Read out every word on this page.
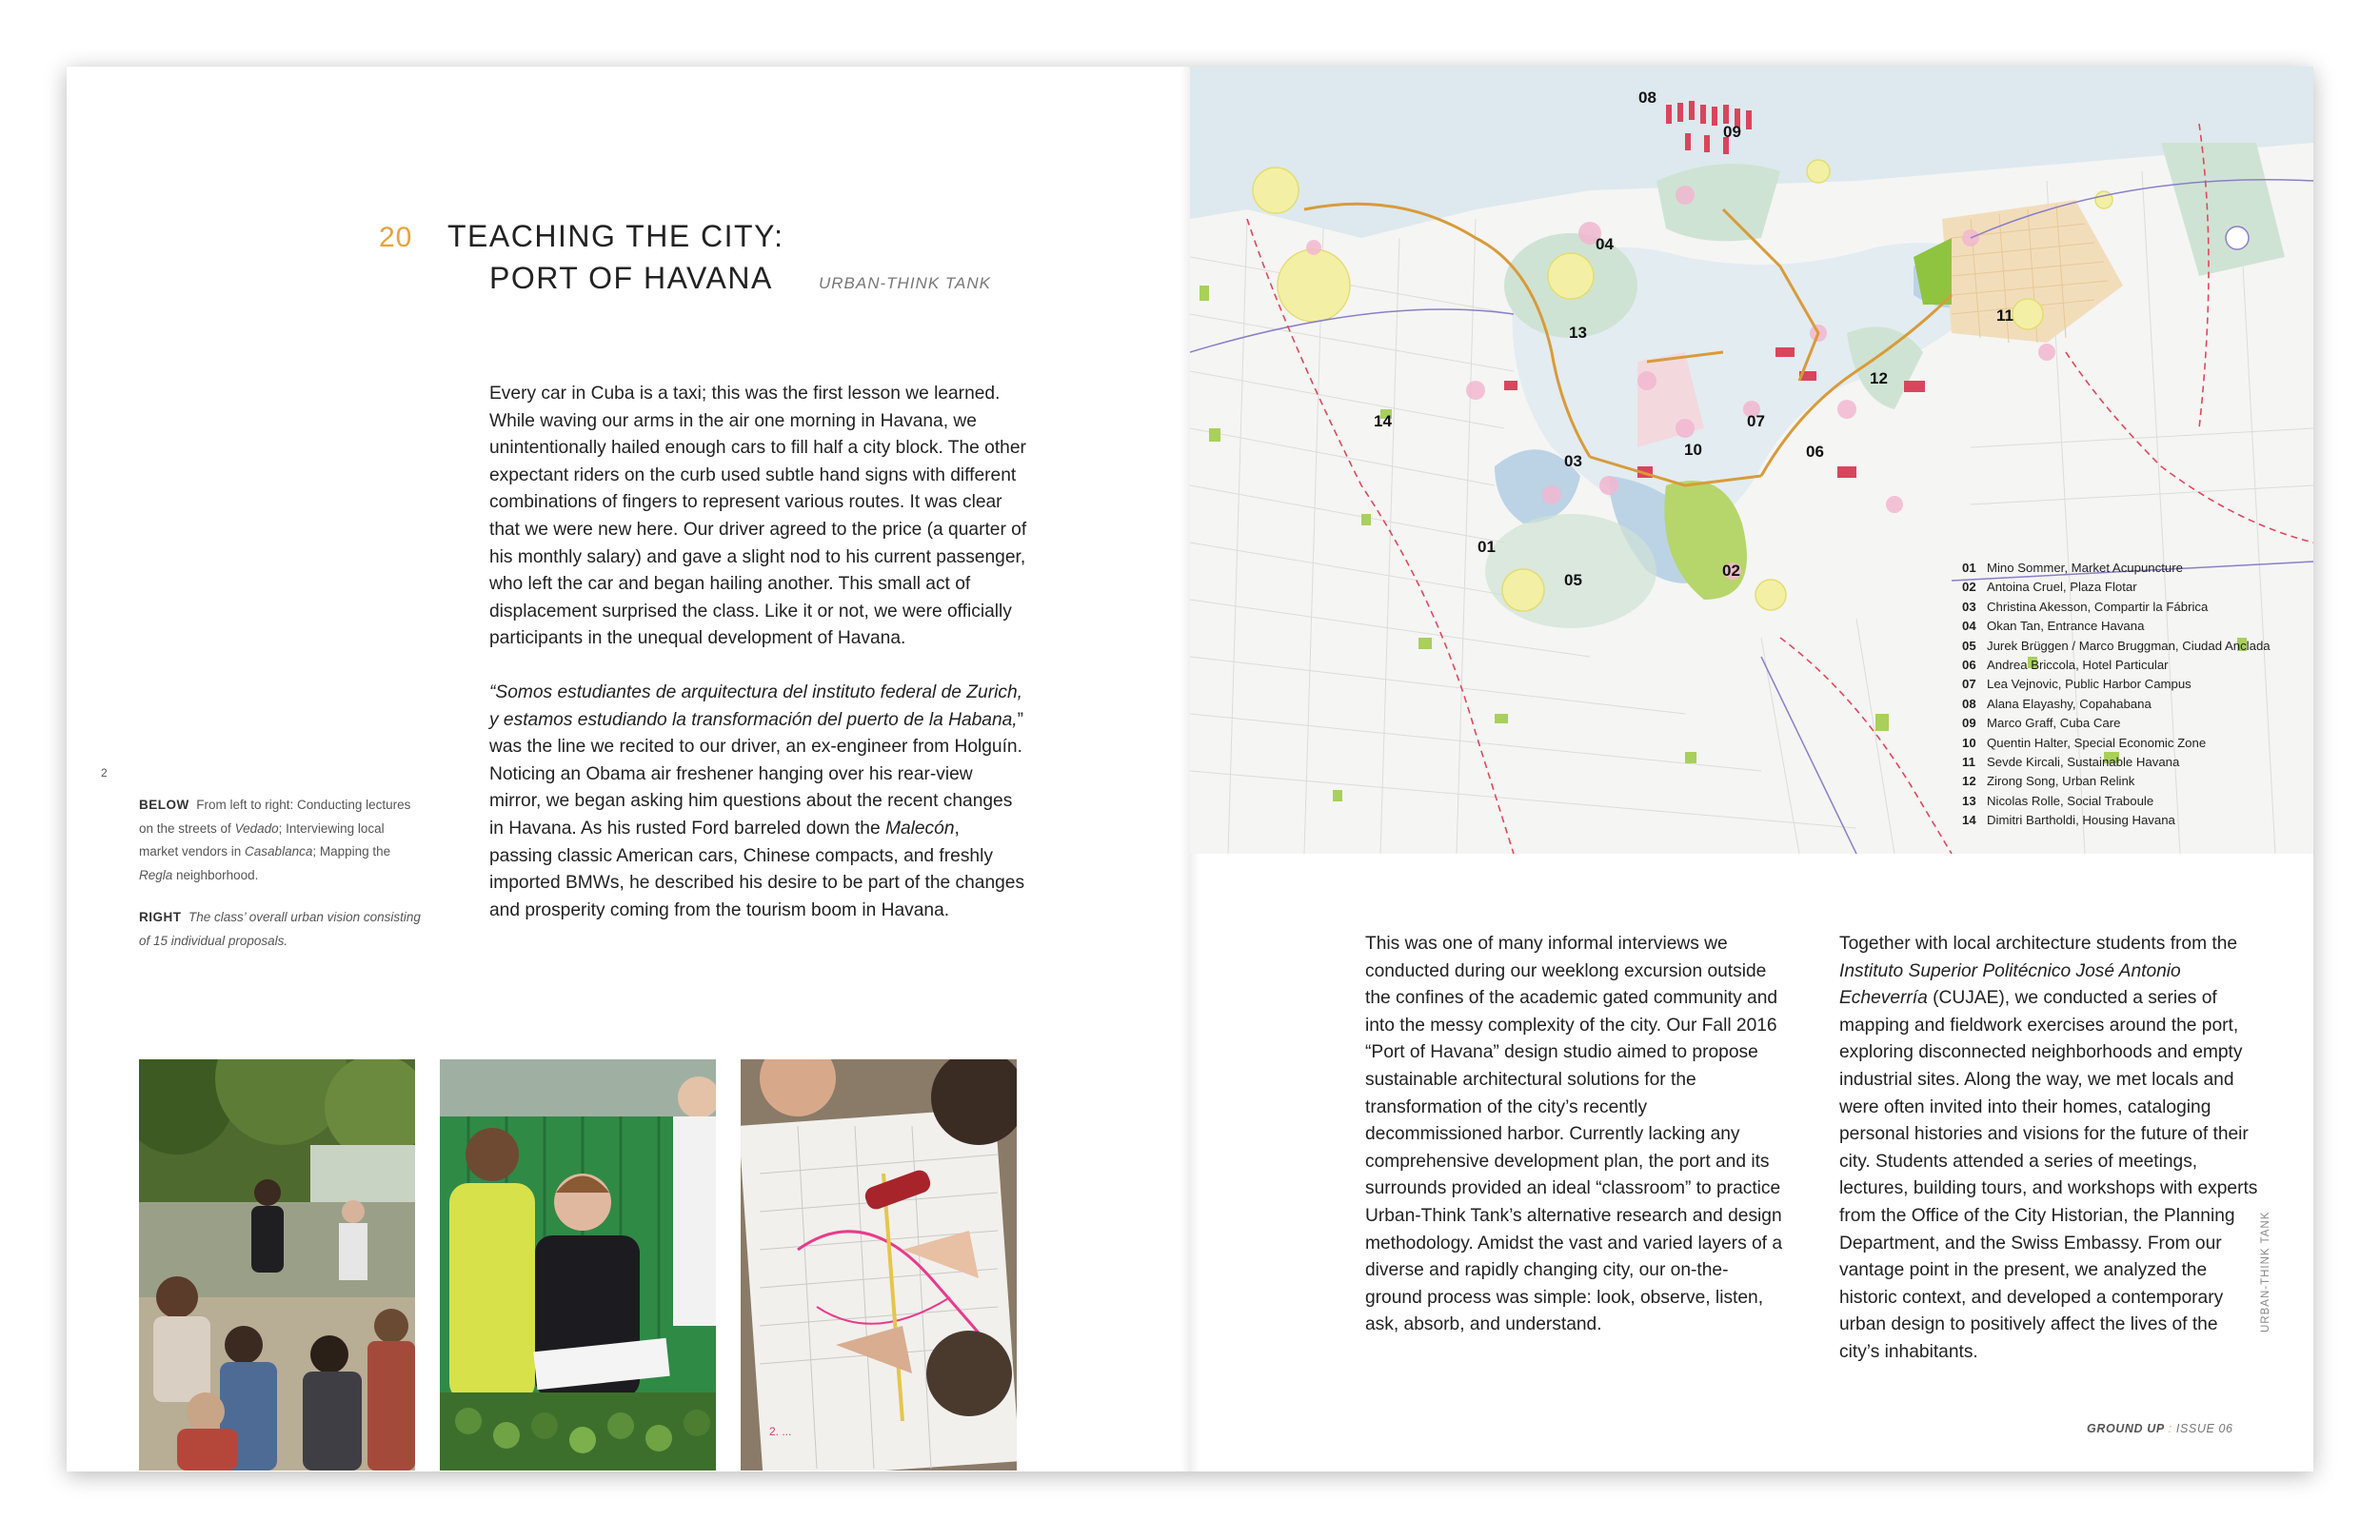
20 TEACHING THE CITY:
PORT OF HAVANA	URBAN-THINK TANK

Every car in Cuba is a taxi; this was the first lesson we learned. While waving our arms in the air one morning in Havana, we unintentionally hailed enough cars to fill half a city block. The other expectant riders on the curb used subtle hand signs with different combinations of fingers to represent various routes. It was clear that we were new here. Our driver agreed to the price (a quarter of his monthly salary) and gave a slight nod to his current passenger, who left the car and began hailing another. This small act of displacement surprised the class. Like it or not, we were officially participants in the unequal development of Havana.

“Somos estudiantes de arquitectura del instituto federal de Zurich, y estamos estudiando la transformación del puerto de la Habana,” was the line we recited to our driver, an ex-engineer from Holguín. Noticing an Obama air freshener hanging over his rear-view mirror, we began asking him questions about the recent changes in Havana. As his rusted Ford barreled down the Malecón, passing classic American cars, Chinese compacts, and freshly imported BMWs, he described his desire to be part of the changes and prosperity coming from the tourism boom in Havana.

2

BELOW From left to right: Conducting lectures on the streets of Vedado; Interviewing local market vendors in Casablanca; Mapping the Regla neighborhood.

RIGHT The class’ overall urban vision consisting of 15 individual proposals.

2. ...
01
02
03
04
05
06
07
08
09
10
11
12
13
14
01 Mino Sommer, Market Acupuncture
02 Antoina Cruel, Plaza Flotar
03 Christina Akesson, Compartir la Fábrica
04 Okan Tan, Entrance Havana
05 Jurek Brüggen / Marco Bruggman, Ciudad Anclada
06 Andrea Briccola, Hotel Particular
07 Lea Vejnovic, Public Harbor Campus
08 Alana Elayashy, Copahabana
09 Marco Graff, Cuba Care
10 Quentin Halter, Special Economic Zone
11 Sevde Kircali, Sustainable Havana
12 Zirong Song, Urban Relink
13 Nicolas Rolle, Social Traboule
14 Dimitri Bartholdi, Housing Havana

This was one of many informal interviews we conducted during our weeklong excursion outside the confines of the academic gated community and into the messy complexity of the city. Our Fall 2016 “Port of Havana” design studio aimed to propose sustainable architectural solutions for the transformation of the city’s recently decommissioned harbor. Currently lacking any comprehensive development plan, the port and its surrounds provided an ideal “classroom” to practice Urban-Think Tank’s alternative research and design methodology. Amidst the vast and varied layers of a diverse and rapidly changing city, our on-the-ground process was simple: look, observe, listen, ask, absorb, and understand.

Together with local architecture students from the Instituto Superior Politécnico José Antonio Echeverría (CUJAE), we conducted a series of mapping and fieldwork exercises around the port, exploring disconnected neighborhoods and empty industrial sites. Along the way, we met locals and were often invited into their homes, cataloging personal histories and visions for the future of their city. Students attended a series of meetings, lectures, building tours, and workshops with experts from the Office of the City Historian, the Planning Department, and the Swiss Embassy. From our vantage point in the present, we analyzed the historic context, and developed a contemporary urban design to positively affect the lives of the city’s inhabitants.

URBAN-THINK TANK
GROUND UP : ISSUE 06
